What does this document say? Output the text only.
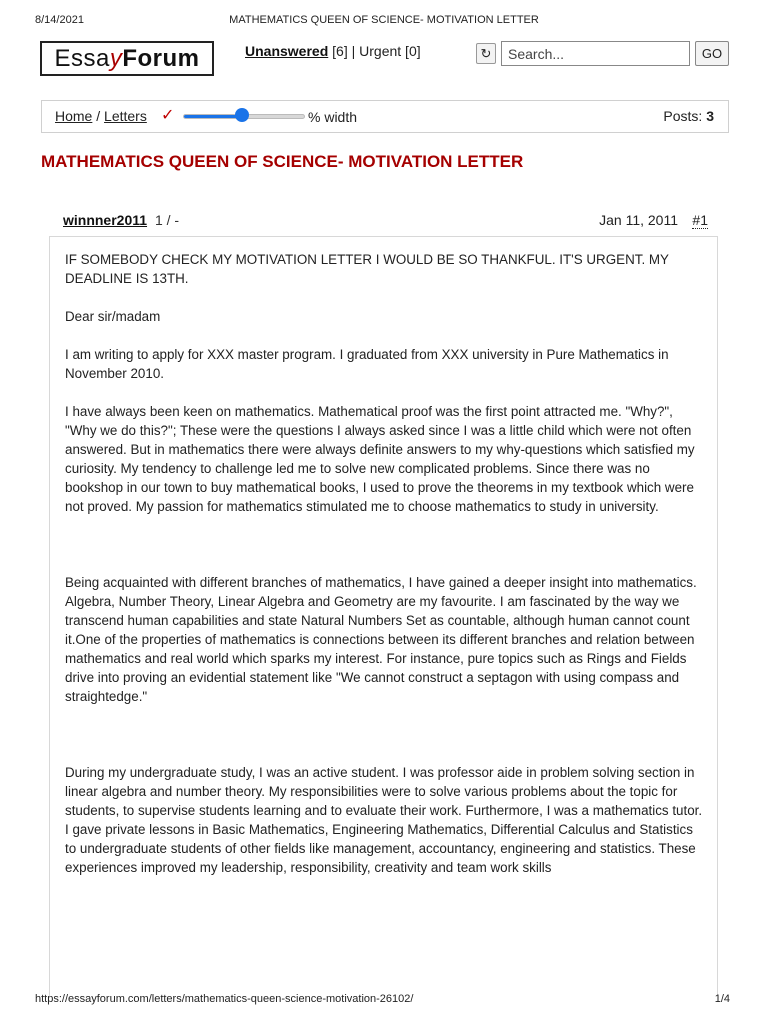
8/14/2021	MATHEMATICS QUEEN OF SCIENCE- MOTIVATION LETTER
EssayForum	Unanswered [6] | Urgent [0]	↻
Search...	GO
Home / Letters ✓	% width	Posts: 3
MATHEMATICS QUEEN OF SCIENCE- MOTIVATION LETTER
winnner2011 1 / -	Jan 11, 2011 #1

IF SOMEBODY CHECK MY MOTIVATION LETTER I WOULD BE SO THANKFUL. IT'S URGENT. MY DEADLINE IS 13TH.

Dear sir/madam

I am writing to apply for XXX master program. I graduated from XXX university in Pure Mathematics in November 2010.

I have always been keen on mathematics. Mathematical proof was the first point attracted me. "Why?", "Why we do this?"; These were the questions I always asked since I was a little child which were not often answered. But in mathematics there were always definite answers to my why-questions which satisfied my curiosity. My tendency to challenge led me to solve new complicated problems. Since there was no bookshop in our town to buy mathematical books, I used to prove the theorems in my textbook which were not proved. My passion for mathematics stimulated me to choose mathematics to study in university.

Being acquainted with different branches of mathematics, I have gained a deeper insight into mathematics. Algebra, Number Theory, Linear Algebra and Geometry are my favourite. I am fascinated by the way we transcend human capabilities and state Natural Numbers Set as countable, although human cannot count it.One of the properties of mathematics is connections between its different branches and relation between mathematics and real world which sparks my interest. For instance, pure topics such as Rings and Fields drive into proving an evidential statement like "We cannot construct a septagon with using compass and straightedge."

During my undergraduate study, I was an active student. I was professor aide in problem solving section in linear algebra and number theory. My responsibilities were to solve various problems about the topic for students, to supervise students learning and to evaluate their work. Furthermore, I was a mathematics tutor. I gave private lessons in Basic Mathematics, Engineering Mathematics, Differential Calculus and Statistics to undergraduate students of other fields like management, accountancy, engineering and statistics. These experiences improved my leadership, responsibility, creativity and team work skills

https://essayforum.com/letters/mathematics-queen-science-motivation-26102/	1/4
